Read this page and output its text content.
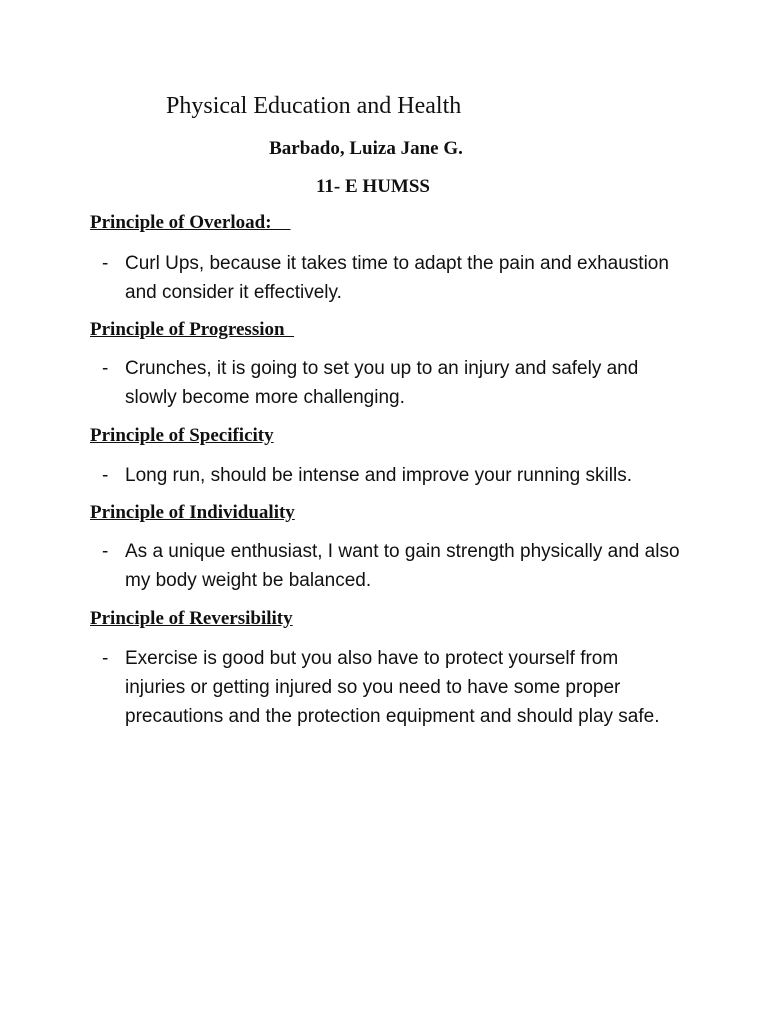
Physical Education and Health
Barbado, Luiza Jane G.
11- E HUMSS
Principle of Overload:
- Curl Ups, because it takes time to adapt the pain and exhaustion and consider it effectively.
Principle of Progression
- Crunches, it is going to set you up to an injury and safely and slowly become more challenging.
Principle of Specificity
- Long run, should be intense and improve your running skills.
Principle of Individuality
- As a unique enthusiast, I want to gain strength physically and also my body weight be balanced.
Principle of Reversibility
- Exercise is good but you also have to protect yourself from injuries or getting injured so you need to have some proper precautions and the protection equipment and should play safe.
